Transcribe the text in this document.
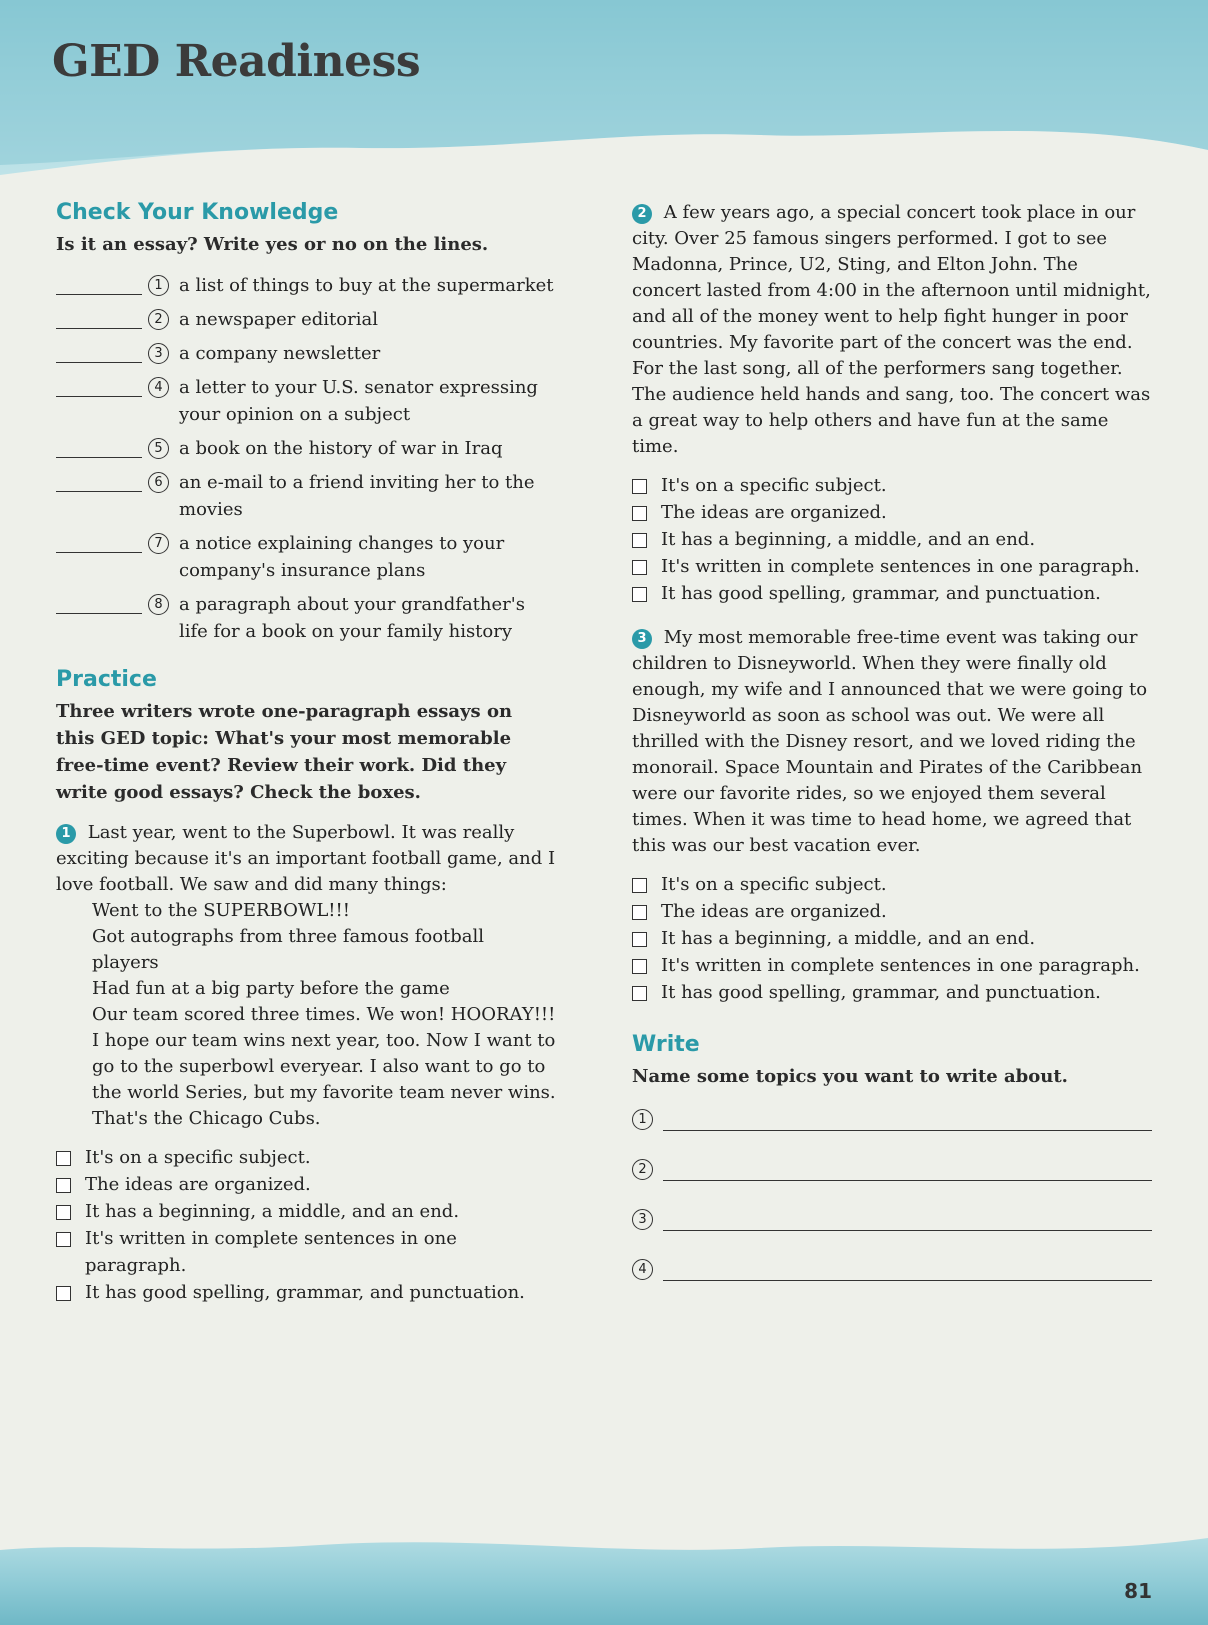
GED Readiness
Check Your Knowledge

Is it an essay? Write yes or no on the lines.

1 a list of things to buy at the supermarket
2 a newspaper editorial
3 a company newsletter
4 a letter to your U.S. senator expressing your opinion on a subject
5 a book on the history of war in Iraq
6 an e-mail to a friend inviting her to the movies
7 a notice explaining changes to your company's insurance plans
8 a paragraph about your grandfather's life for a book on your family history
Practice

Three writers wrote one-paragraph essays on this GED topic: What's your most memorable free-time event? Review their work. Did they write good essays? Check the boxes.

1 Last year, went to the Superbowl. It was really exciting because it's an important football game, and I love football. We saw and did many things:

Went to the SUPERBOWL!!!

Got autographs from three famous football players

Had fun at a big party before the game

Our team scored three times. We won! HOORAY!!! I hope our team wins next year, too. Now I want to go to the superbowl everyear. I also want to go to the world Series, but my favorite team never wins. That's the Chicago Cubs.

It's on a specific subject.
The ideas are organized.
It has a beginning, a middle, and an end.
It's written in complete sentences in one paragraph.
It has good spelling, grammar, and punctuation.

2 A few years ago, a special concert took place in our city. Over 25 famous singers performed. I got to see Madonna, Prince, U2, Sting, and Elton John. The concert lasted from 4:00 in the afternoon until midnight, and all of the money went to help fight hunger in poor countries. My favorite part of the concert was the end. For the last song, all of the performers sang together. The audience held hands and sang, too. The concert was a great way to help others and have fun at the same time.

It's on a specific subject.
The ideas are organized.
It has a beginning, a middle, and an end.
It's written in complete sentences in one paragraph.
It has good spelling, grammar, and punctuation.

3 My most memorable free-time event was taking our children to Disneyworld. When they were finally old enough, my wife and I announced that we were going to Disneyworld as soon as school was out. We were all thrilled with the Disney resort, and we loved riding the monorail. Space Mountain and Pirates of the Caribbean were our favorite rides, so we enjoyed them several times. When it was time to head home, we agreed that this was our best vacation ever.

It's on a specific subject.
The ideas are organized.
It has a beginning, a middle, and an end.
It's written in complete sentences in one paragraph.
It has good spelling, grammar, and punctuation.
Write

Name some topics you want to write about.

1
2
3
4
81
